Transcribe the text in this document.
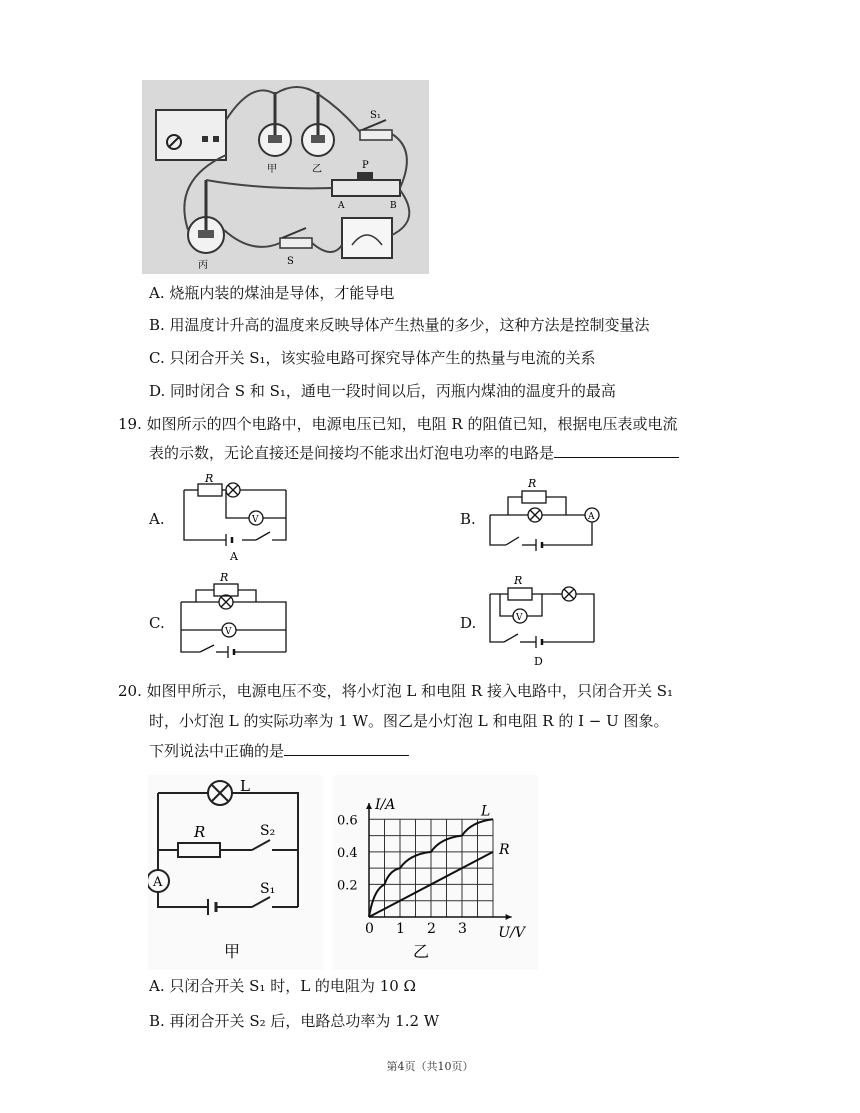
甲	乙
丙
S₁
S
P
A	B
A. 烧瓶内装的煤油是导体，才能导电
B. 用温度计升高的温度来反映导体产生热量的多少，这种方法是控制变量法
C. 只闭合开关 S₁，该实验电路可探究导体产生的热量与电流的关系
D. 同时闭合 S 和 S₁，通电一段时间以后，丙瓶内煤油的温度升的最高
19. 如图所示的四个电路中，电源电压已知，电阻 R 的阻值已知，根据电压表或电流
表的示数，无论直接还是间接均不能求出灯泡电功率的电路是
A.
R
V
A
B.
R
A
C.
R
V	D.
R
V
D
20. 如图甲所示，电源电压不变，将小灯泡 L 和电阻 R 接入电路中，只闭合开关 S₁
时，小灯泡 L 的实际功率为 1 W。图乙是小灯泡 L 和电阻 R 的 I − U 图象。
下列说法中正确的是
L
R	S₂
S₁
A
甲
0 1 2 3
0.2
0.4
0.6
U/V
I/A	L
R
乙
A. 只闭合开关 S₁ 时，L 的电阻为 10 Ω
B. 再闭合开关 S₂ 后，电路总功率为 1.2 W
第4页（共10页）
